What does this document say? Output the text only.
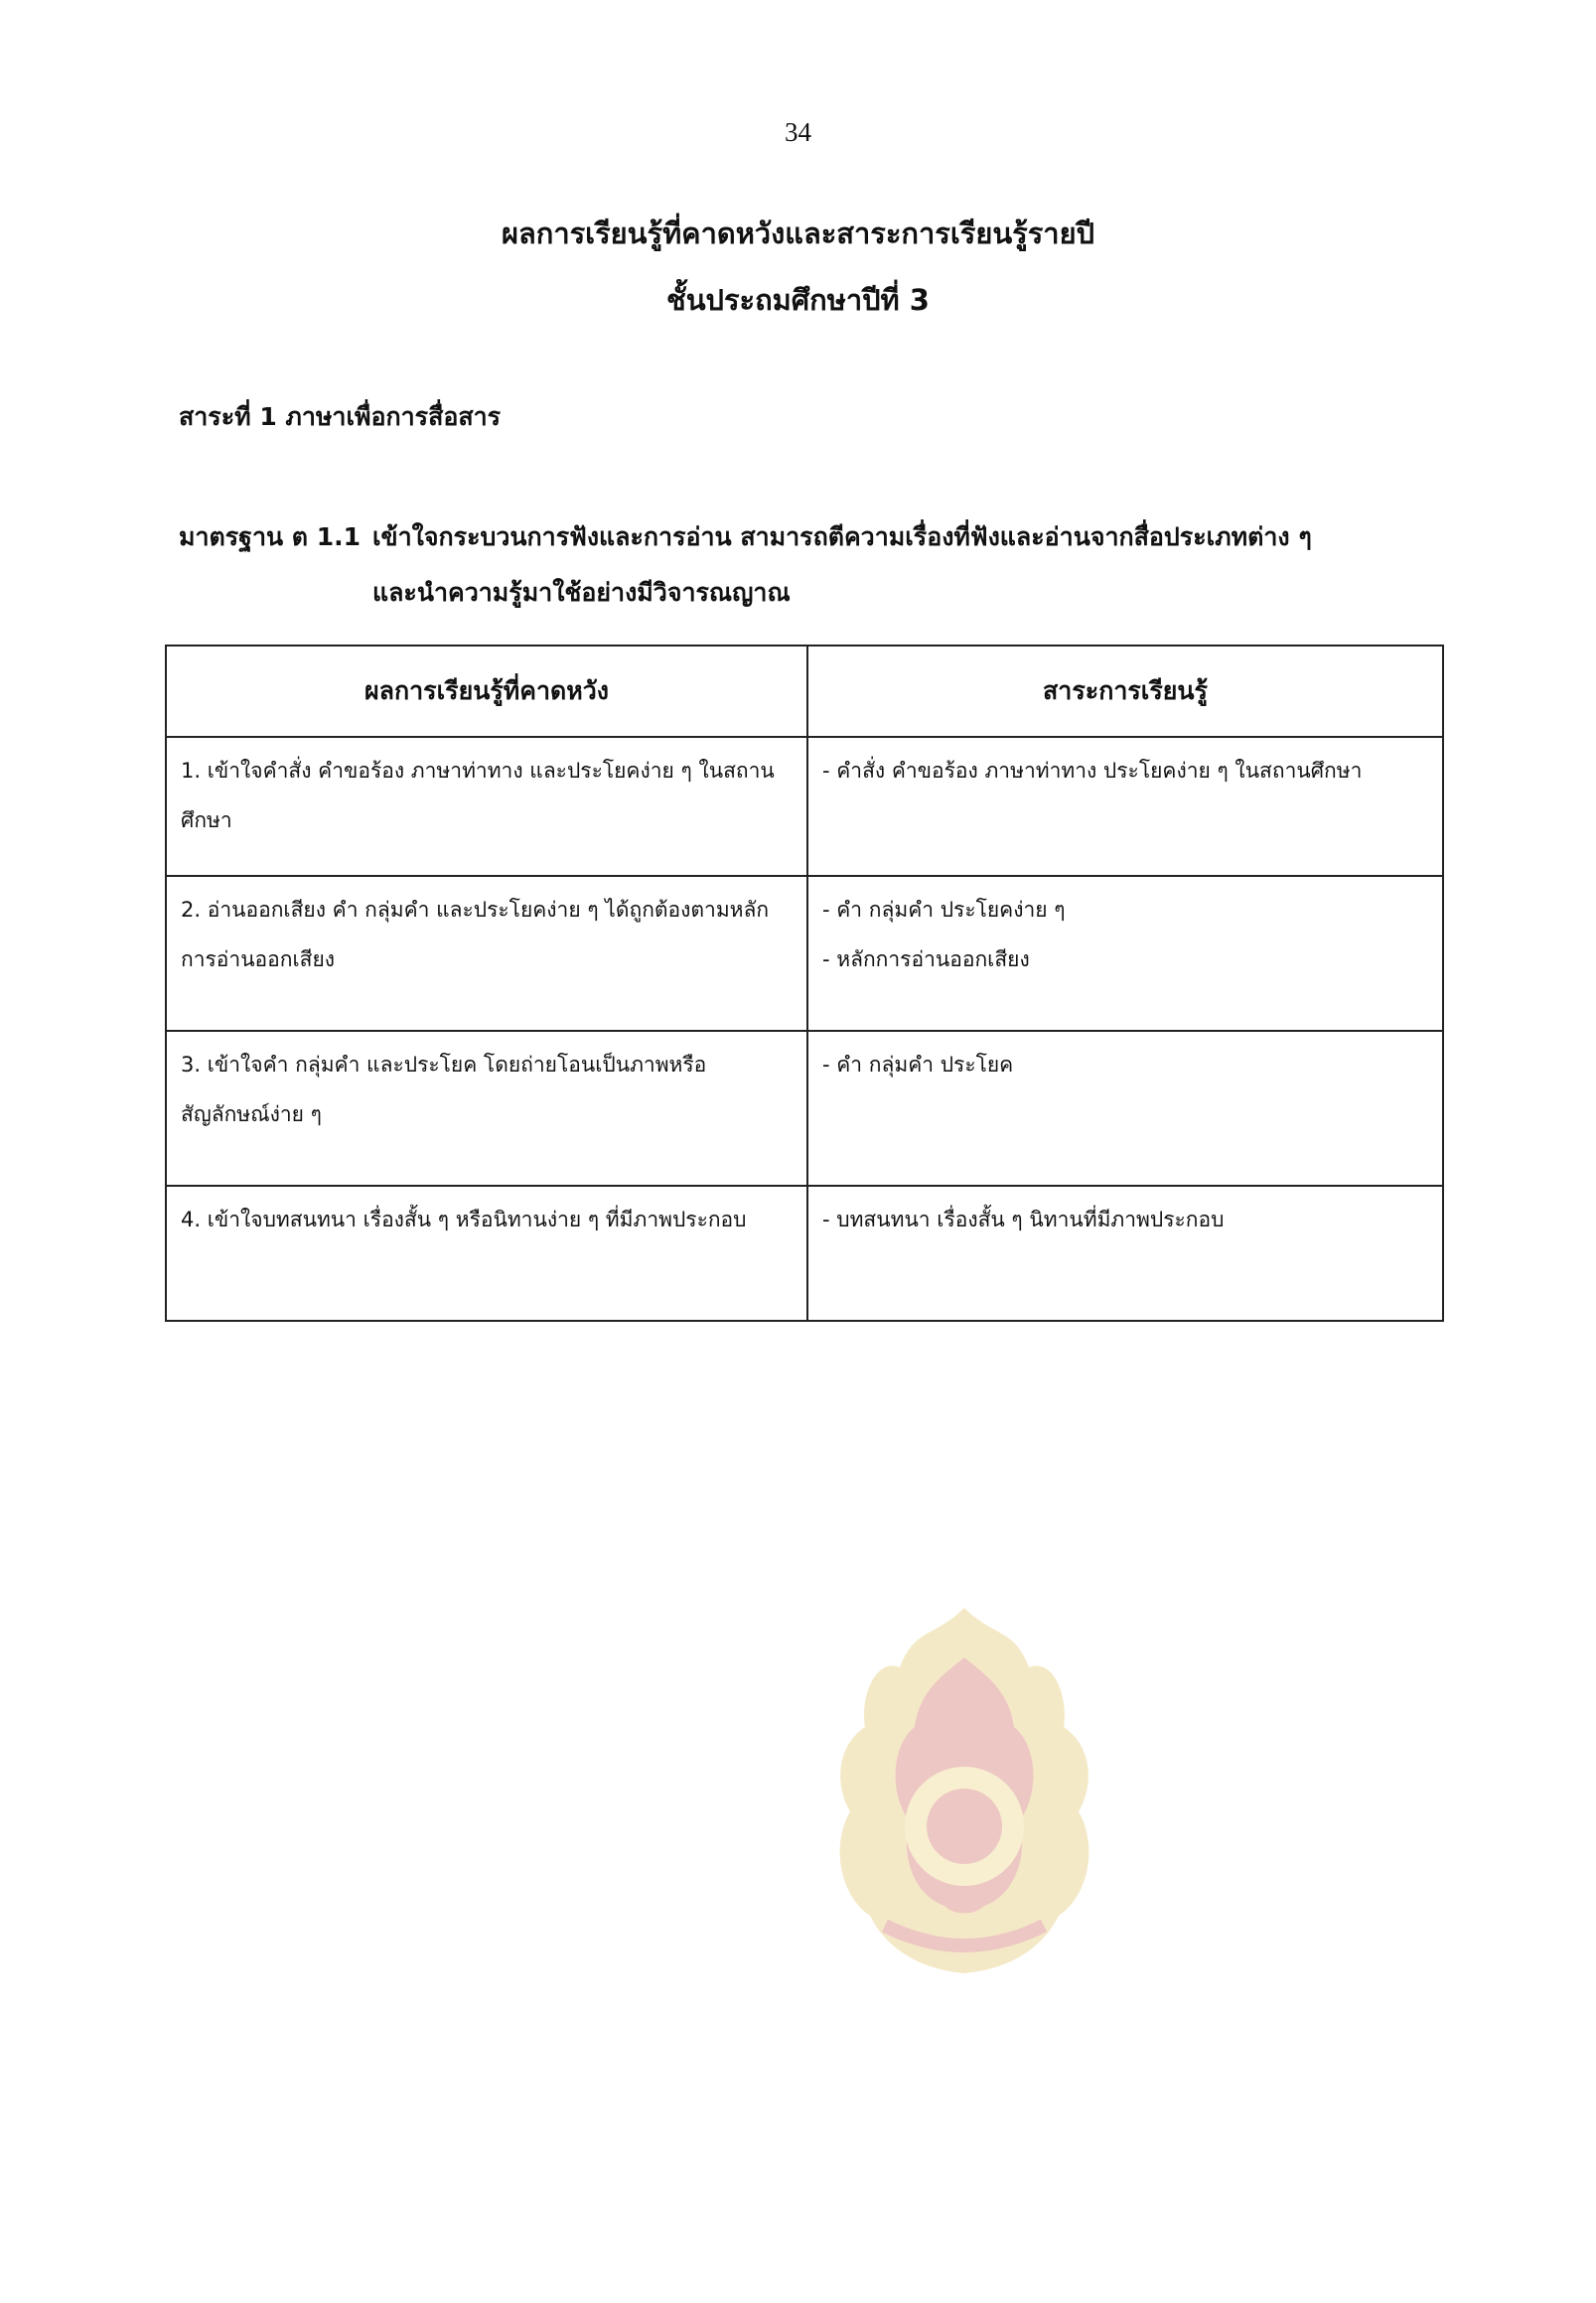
34
ผลการเรียนรู้ที่คาดหวังและสาระการเรียนรู้รายปี
ชั้นประถมศึกษาปีที่ 3
สาระที่ 1 ภาษาเพื่อการสื่อสาร
มาตรฐาน ต 1.1 เข้าใจกระบวนการฟังและการอ่าน สามารถตีความเรื่องที่ฟังและอ่านจากสื่อประเภทต่าง ๆ
และนำความรู้มาใช้อย่างมีวิจารณญาณ
ผลการเรียนรู้ที่คาดหวัง	สาระการเรียนรู้
1. เข้าใจคำสั่ง คำขอร้อง ภาษาท่าทาง และประโยคง่าย ๆ ในสถานศึกษา	- คำสั่ง คำขอร้อง ภาษาท่าทาง ประโยคง่าย ๆ ในสถานศึกษา

2. อ่านออกเสียง คำ กลุ่มคำ และประโยคง่าย ๆ ได้ถูกต้องตามหลักการอ่านออกเสียง	- คำ กลุ่มคำ ประโยคง่าย ๆ
- หลักการอ่านออกเสียง

3. เข้าใจคำ กลุ่มคำ และประโยค โดยถ่ายโอนเป็นภาพหรือสัญลักษณ์ง่าย ๆ	- คำ กลุ่มคำ ประโยค

4. เข้าใจบทสนทนา เรื่องสั้น ๆ หรือนิทานง่าย ๆ ที่มีภาพประกอบ	- บทสนทนา เรื่องสั้น ๆ นิทานที่มีภาพประกอบ
